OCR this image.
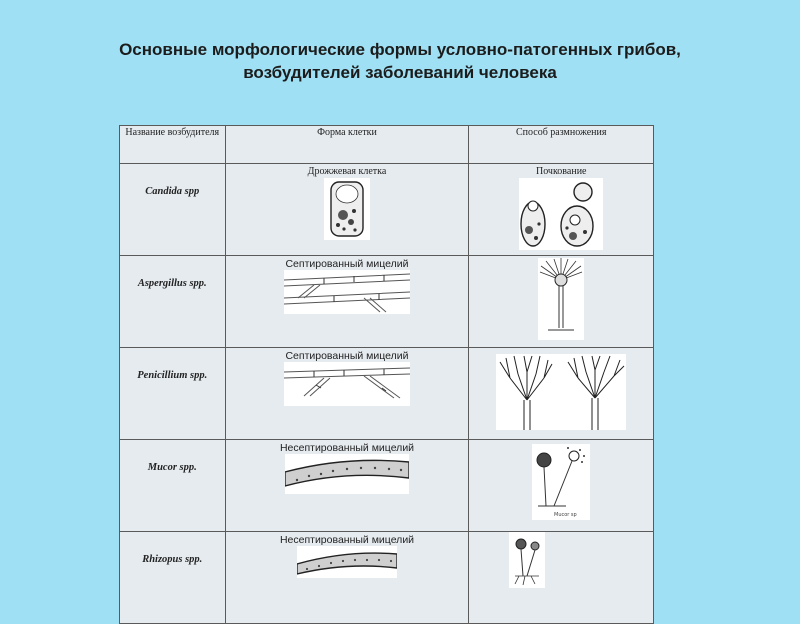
Основные морфологические формы условно-патогенных грибов,
возбудителей заболеваний человека
Название возбудителя	Форма клетки	Способ размножения

Candida spp	Дрожжевая клетка	Почкование

Aspergillus spp.	Септированный мицелий

Penicillium spp.	Септированный мицелий

Mucor spp.	Несептированный мицелий	Mucor sp

Rhizopus spp.	Несептированный мицелий
